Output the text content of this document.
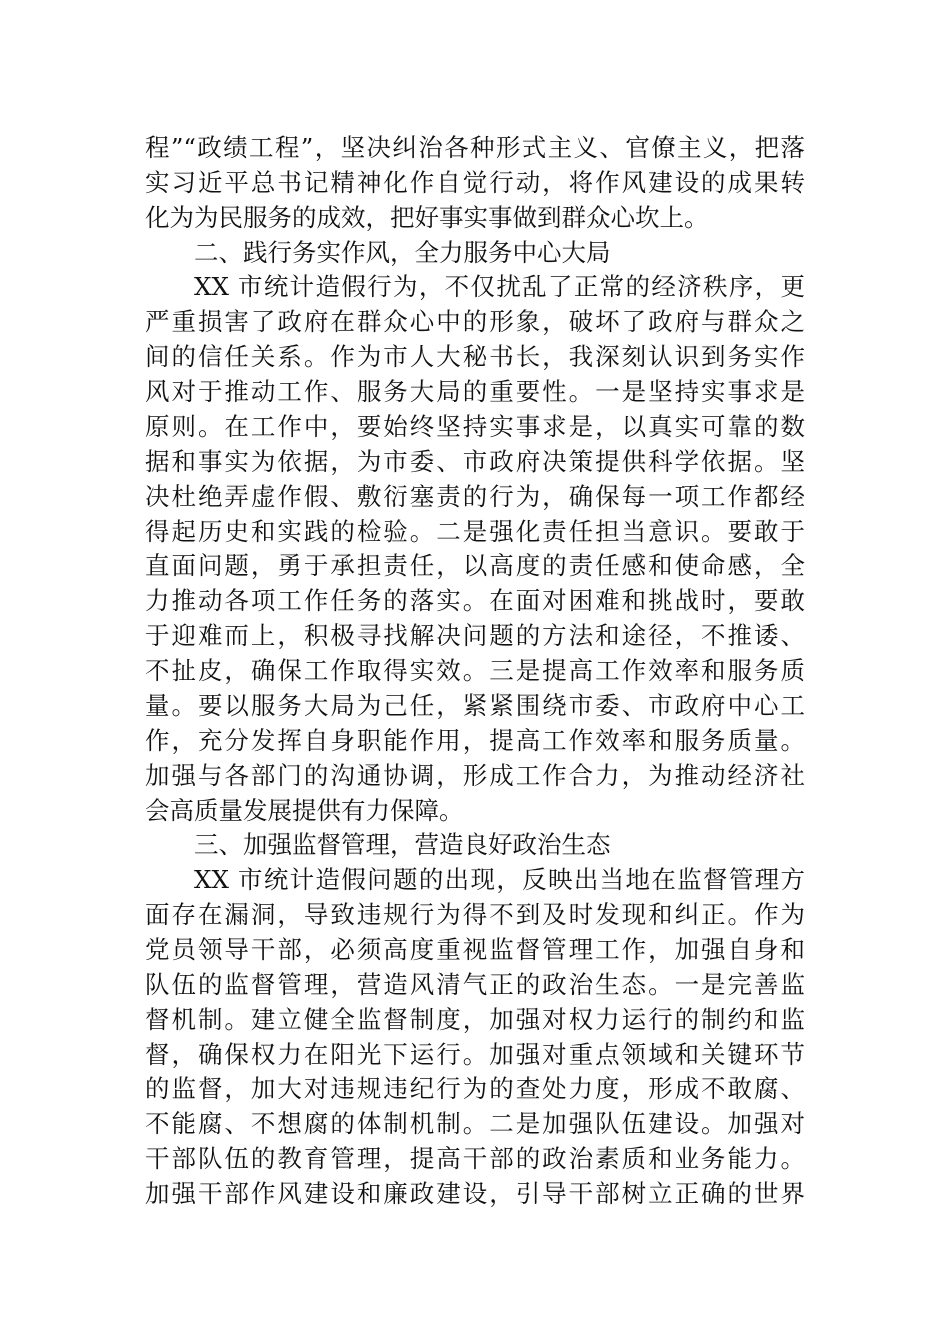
程”“政绩工程”，坚决纠治各种形式主义、官僚主义，把落
实习近平总书记精神化作自觉行动，将作风建设的成果转
化为为民服务的成效，把好事实事做到群众心坎上。
二、践行务实作风，全力服务中心大局
XX 市统计造假行为，不仅扰乱了正常的经济秩序，更
严重损害了政府在群众心中的形象，破坏了政府与群众之
间的信任关系。作为市人大秘书长，我深刻认识到务实作
风对于推动工作、服务大局的重要性。一是坚持实事求是
原则。在工作中，要始终坚持实事求是，以真实可靠的数
据和事实为依据，为市委、市政府决策提供科学依据。坚
决杜绝弄虚作假、敷衍塞责的行为，确保每一项工作都经
得起历史和实践的检验。二是强化责任担当意识。要敢于
直面问题，勇于承担责任，以高度的责任感和使命感，全
力推动各项工作任务的落实。在面对困难和挑战时，要敢
于迎难而上，积极寻找解决问题的方法和途径，不推诿、
不扯皮，确保工作取得实效。三是提高工作效率和服务质
量。要以服务大局为己任，紧紧围绕市委、市政府中心工
作，充分发挥自身职能作用，提高工作效率和服务质量。
加强与各部门的沟通协调，形成工作合力，为推动经济社
会高质量发展提供有力保障。
三、加强监督管理，营造良好政治生态
XX 市统计造假问题的出现，反映出当地在监督管理方
面存在漏洞，导致违规行为得不到及时发现和纠正。作为
党员领导干部，必须高度重视监督管理工作，加强自身和
队伍的监督管理，营造风清气正的政治生态。一是完善监
督机制。建立健全监督制度，加强对权力运行的制约和监
督，确保权力在阳光下运行。加强对重点领域和关键环节
的监督，加大对违规违纪行为的查处力度，形成不敢腐、
不能腐、不想腐的体制机制。二是加强队伍建设。加强对
干部队伍的教育管理，提高干部的政治素质和业务能力。
加强干部作风建设和廉政建设，引导干部树立正确的世界
